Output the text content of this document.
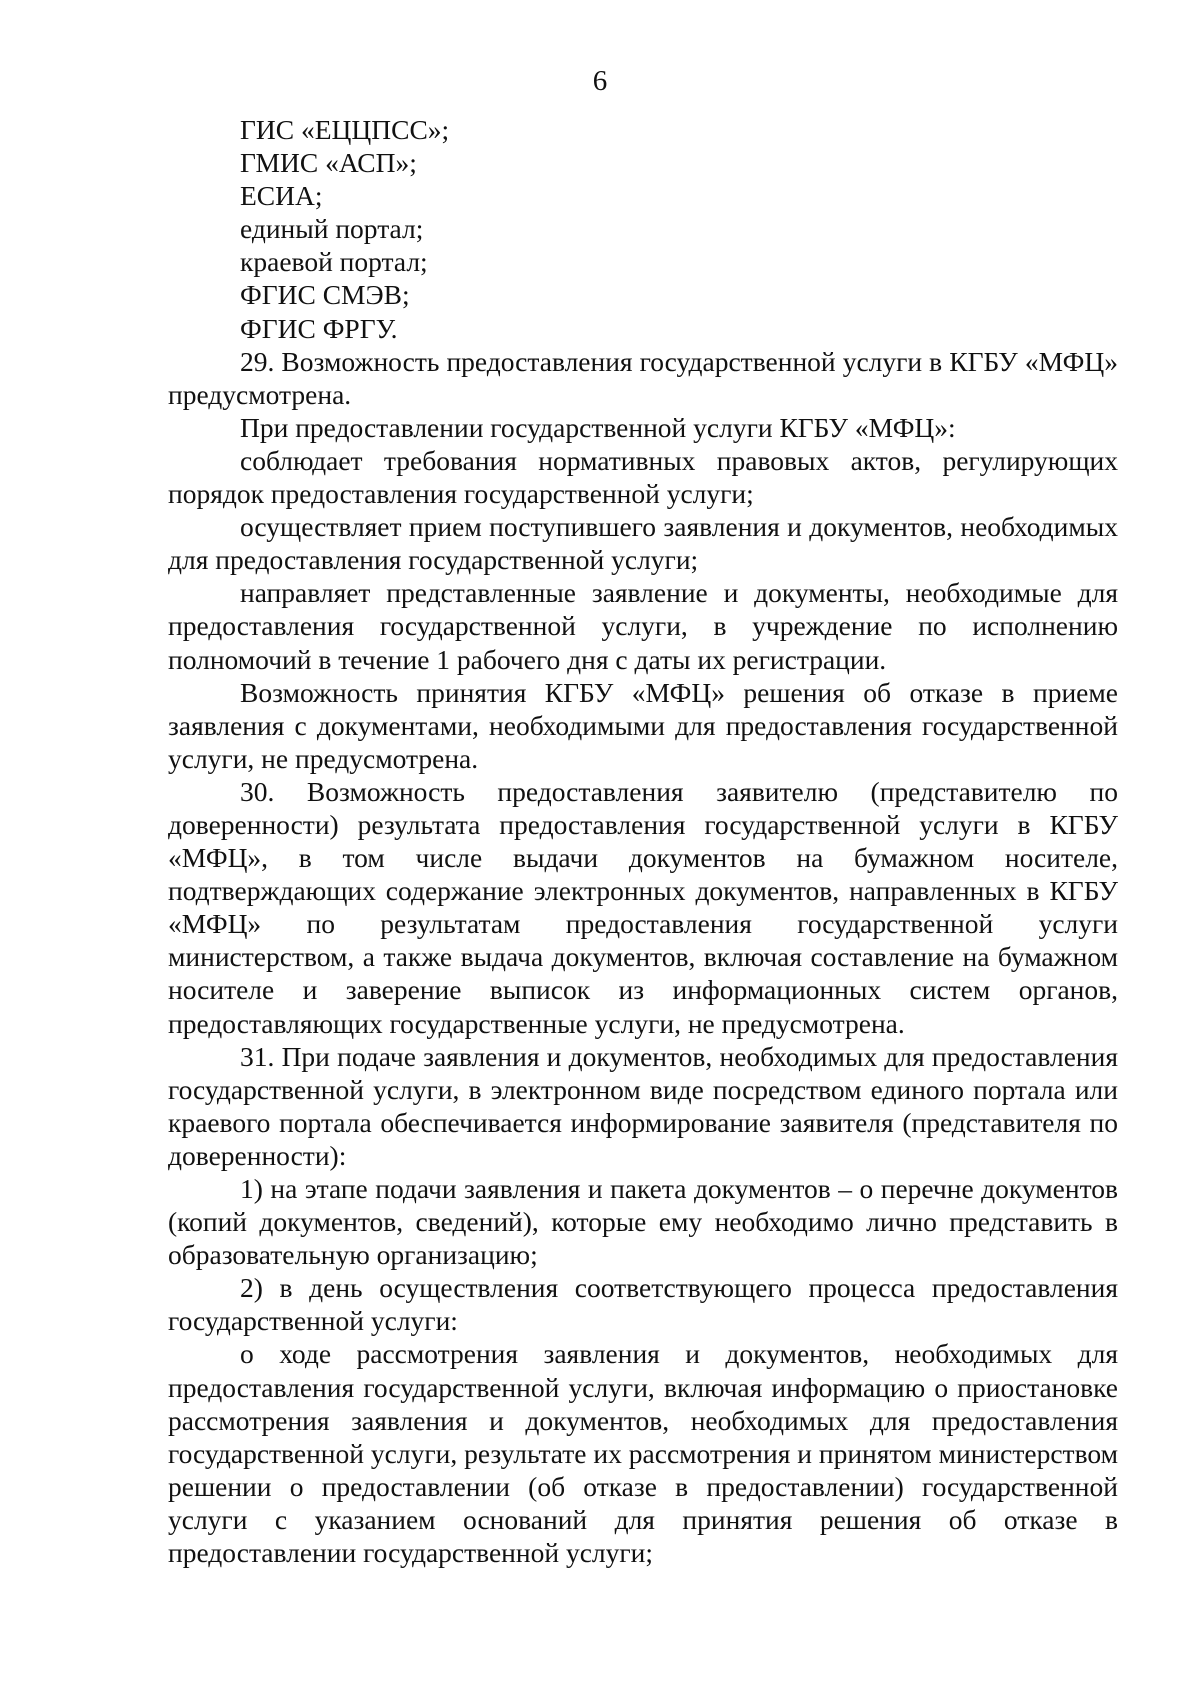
6

ГИС «ЕЦЦПСС»;

ГМИС «АСП»;

ЕСИА;

единый портал;

краевой портал;

ФГИС СМЭВ;

ФГИС ФРГУ.

29. Возможность предоставления государственной услуги в КГБУ «МФЦ» предусмотрена.

При предоставлении государственной услуги КГБУ «МФЦ»:

соблюдает требования нормативных правовых актов, регулирующих порядок предоставления государственной услуги;

осуществляет прием поступившего заявления и документов, необходимых для предоставления государственной услуги;

направляет представленные заявление и документы, необходимые для предоставления государственной услуги, в учреждение по исполнению полномочий в течение 1 рабочего дня с даты их регистрации.

Возможность принятия КГБУ «МФЦ» решения об отказе в приеме заявления с документами, необходимыми для предоставления государственной услуги, не предусмотрена.

30. Возможность предоставления заявителю (представителю по доверенности) результата предоставления государственной услуги в КГБУ «МФЦ», в том числе выдачи документов на бумажном носителе, подтверждающих содержание электронных документов, направленных в КГБУ «МФЦ» по результатам предоставления государственной услуги министерством, а также выдача документов, включая составление на бумажном носителе и заверение выписок из информационных систем органов, предоставляющих государственные услуги, не предусмотрена.

31. При подаче заявления и документов, необходимых для предоставления государственной услуги, в электронном виде посредством единого портала или краевого портала обеспечивается информирование заявителя (представителя по доверенности):

1) на этапе подачи заявления и пакета документов – о перечне документов (копий документов, сведений), которые ему необходимо лично представить в образовательную организацию;

2) в день осуществления соответствующего процесса предоставления государственной услуги:

о ходе рассмотрения заявления и документов, необходимых для предоставления государственной услуги, включая информацию о приостановке рассмотрения заявления и документов, необходимых для предоставления государственной услуги, результате их рассмотрения и принятом министерством решении о предоставлении (об отказе в предоставлении) государственной услуги с указанием оснований для принятия решения об отказе в предоставлении государственной услуги;
